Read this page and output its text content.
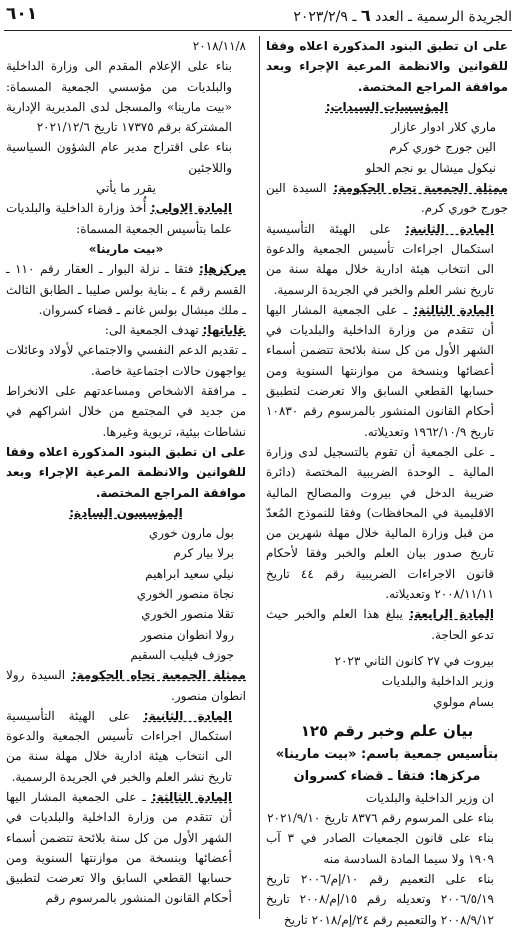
الجريدة الرسمية ـ العدد ٦ ـ ٢٠٢٣/٢/٩
٦٠١

على ان تطبق البنود المذكورة اعلاه وفقا للقوانين والانظمة المرعية الإجراء وبعد موافقة المراجع المختصة.

المؤسسات السيدات:

ماري كلار ادوار عازار

الين جورج خوري كرم

نيكول ميشال بو نجم الحلو

ممثلة الجمعية تجاه الحكومة: السيدة الين جورج خوري كرم.

المادة الثانية: على الهيئة التأسيسية استكمال اجراءات تأسيس الجمعية والدعوة الى انتخاب هيئة ادارية خلال مهلة سنة من تاريخ نشر العلم والخبر في الجريدة الرسمية.

المادة الثالثة: ـ على الجمعية المشار اليها أن تتقدم من وزارة الداخلية والبلديات في الشهر الأول من كل سنة بلائحة تتضمن أسماء أعضائها وبنسخة من موازنتها السنوية ومن حسابها القطعي السابق والا تعرضت لتطبيق أحكام القانون المنشور بالمرسوم رقم ١٠٨٣٠ تاريخ ١٩٦٢/١٠/٩ وتعديلاته.

ـ على الجمعية أن تقوم بالتسجيل لدى وزارة المالية ـ الوحدة الضريبية المختصة (دائرة ضريبة الدخل في بيروت والمصالح المالية الاقليمية في المحافظات) وفقا للنموذج المُعدّ من قبل وزارة المالية خلال مهلة شهرين من تاريخ صدور بيان العلم والخبر وفقا لأحكام قانون الاجراءات الضريبية رقم ٤٤ تاريخ ٢٠٠٨/١١/١١ وتعديلاته.

المادة الرابعة: يبلغ هذا العلم والخبر حيث تدعو الحاجة.

بيروت في ٢٧ كانون الثاني ٢٠٢٣

وزير الداخلية والبلديات

بسام مولوي

بيان علم وخبر رقم ١٢٥

بتأسيس جمعية باسم: «بيت مارينا»

مركزها: فتقا ـ قضاء كسروان

ان وزير الداخلية والبلديات

بناء على المرسوم رقم ٨٣٧٦ تاريخ ٢٠٢١/٩/١٠

بناء على قانون الجمعيات الصادر في ٣ آب ١٩٠٩ ولا سيما المادة السادسة منه

بناء على التعميم رقم ١٠/إم/٢٠٠٦ تاريخ ٢٠٠٦/٥/١٩ وتعديله رقم ١٥/إم/٢٠٠٨ تاريخ ٢٠٠٨/٩/١٢ والتعميم رقم ٢٤/إم/٢٠١٨ تاريخ

٢٠١٨/١١/٨

بناء على الإعلام المقدم الى وزارة الداخلية والبلديات من مؤسسي الجمعية المسماة: «بيت مارينا» والمسجل لدى المديرية الإدارية المشتركة برقم ١٧٣٧٥ تاريخ ٢٠٢١/١٢/٦

بناء على اقتراح مدير عام الشؤون السياسية واللاجئين

يقرر ما يأتي

المادة الاولى: أُخذ وزارة الداخلية والبلديات علما بتأسيس الجمعية المسماة:

«بيت مارينا»

مركزها: فتقا ـ نزلة البوار ـ العقار رقم ١١٠ ـ القسم رقم ٤ ـ بناية بولس صليبا ـ الطابق الثالث ـ ملك ميشال بولس غانم ـ قضاء كسروان.

غاياتها: تهدف الجمعية الى:

ـ تقديم الدعم النفسي والاجتماعي لأولاد وعائلات يواجهون حالات اجتماعية خاصة.

ـ مرافقة الاشخاص ومساعدتهم على الانخراط من جديد في المجتمع من خلال اشراكهم في نشاطات بيئية، تربوية وغيرها.

على ان تطبق البنود المذكورة اعلاه وفقا للقوانين والانظمة المرعية الإجراء وبعد موافقة المراجع المختصة.

المؤسسون السادة:

بول مارون خوري

برلا بيار كرم

نيلي سعيد ابراهيم

نجاة منصور الخوري

تقلا منصور الخوري

رولا انطوان منصور

جوزف فيليب السقيم

ممثلة الجمعية تجاه الحكومة: السيدة رولا انطوان منصور.

المادة الثانية: على الهيئة التأسيسية استكمال اجراءات تأسيس الجمعية والدعوة الى انتخاب هيئة ادارية خلال مهلة سنة من تاريخ نشر العلم والخبر في الجريدة الرسمية.

المادة الثالثة: ـ على الجمعية المشار اليها أن تتقدم من وزارة الداخلية والبلديات في الشهر الأول من كل سنة بلائحة تتضمن أسماء أعضائها وبنسخة من موازنتها السنوية ومن حسابها القطعي السابق والا تعرضت لتطبيق أحكام القانون المنشور بالمرسوم رقم
